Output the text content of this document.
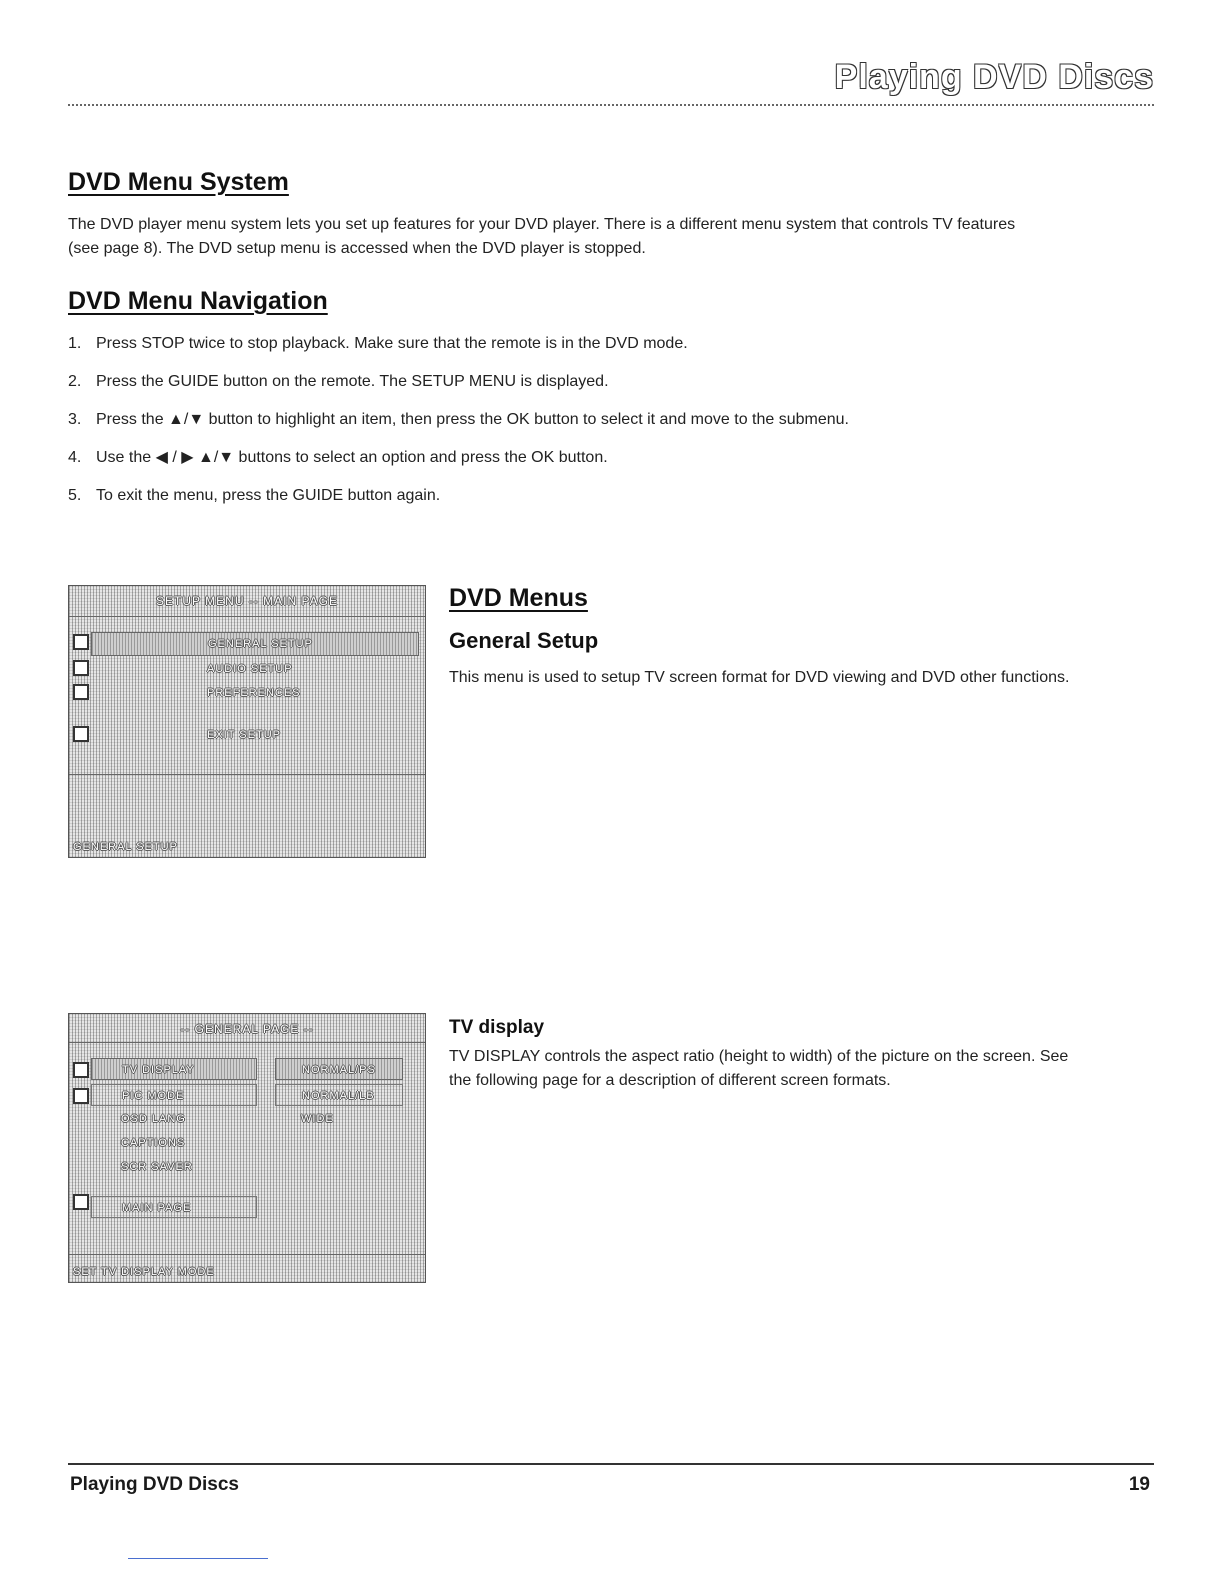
Playing DVD Discs
DVD Menu System

The DVD player menu system lets you set up features for your DVD player. There is a different menu system that controls TV features

(see page 8). The DVD setup menu is accessed when the DVD player is stopped.

DVD Menu Navigation
1. Press STOP twice to stop playback. Make sure that the remote is in the DVD mode.
2. Press the GUIDE button on the remote. The SETUP MENU is displayed.
3. Press the ▲/▼ button to highlight an item, then press the OK button to select it and move to the submenu.
4. Use the ◀ / ▶ ▲/▼ buttons to select an option and press the OK button.
5. To exit the menu, press the GUIDE button again.
SETUP MENU -- MAIN PAGE
GENERAL SETUP
AUDIO SETUP
PREFERENCES
EXIT SETUP
GENERAL SETUP
DVD Menus
General Setup

This menu is used to setup TV screen format for DVD viewing and DVD other functions.

-- GENERAL PAGE --
TV DISPLAY
PIC MODE
OSD LANG
CAPTIONS
SCR SAVER
MAIN PAGE
NORMAL/PS
NORMAL/LB
WIDE
SET TV DISPLAY MODE
TV display

TV DISPLAY controls the aspect ratio (height to width) of the picture on the screen. See

the following page for a description of different screen formats.

Playing DVD Discs	19
